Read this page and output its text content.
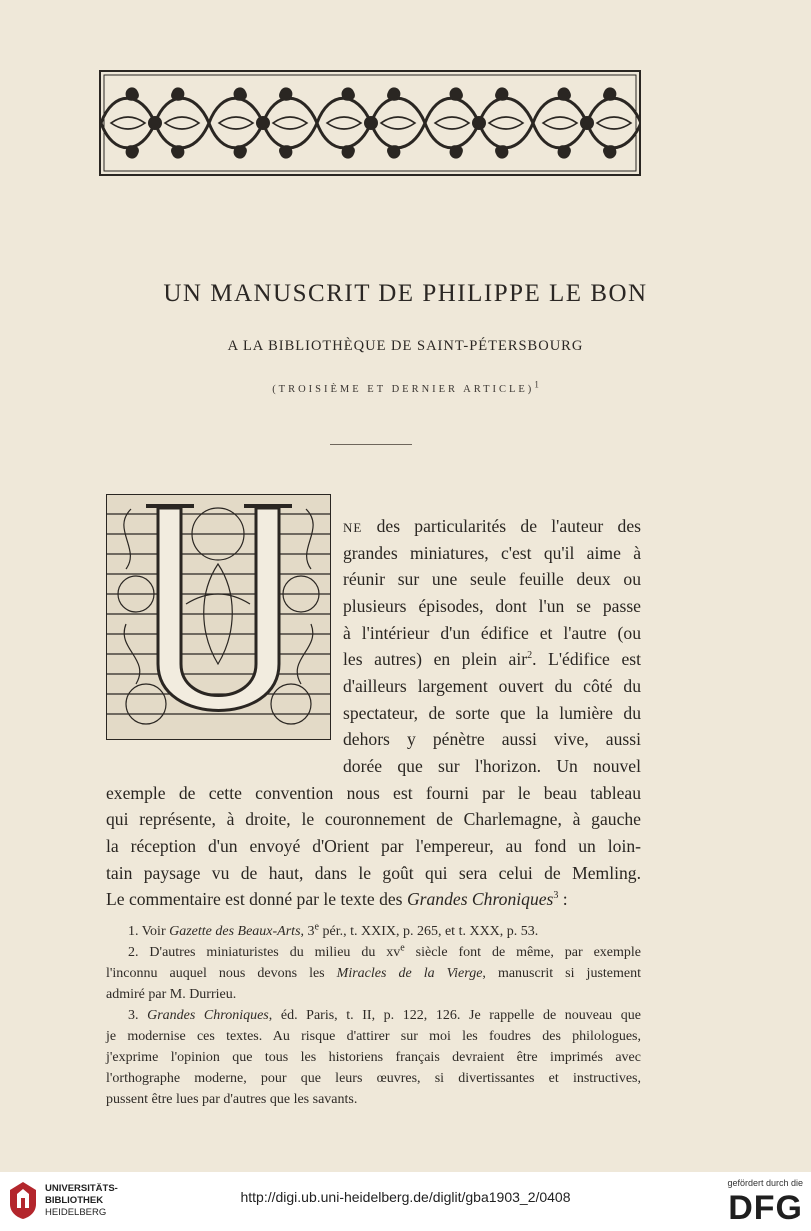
UN MANUSCRIT DE PHILIPPE LE BON
A LA BIBLIOTHÈQUE DE SAINT-PÉTERSBOURG
(TROISIÈME ET DERNIER ARTICLE)$^1$
NE des particularités de l'auteur des
grandes miniatures, c'est qu'il aime à
réunir sur une seule feuille deux ou
plusieurs épisodes, dont l'un se passe
à l'intérieur d'un édifice et l'autre (ou
les autres) en plein air$^2$. L'édifice est
d'ailleurs largement ouvert du côté du
spectateur, de sorte que la lumière du
dehors y pénètre aussi vive, aussi
dorée que sur l'horizon. Un nouvel
exemple de cette convention nous est fourni par le beau tableau
qui représente, à droite, le couronnement de Charlemagne, à gauche
la réception d'un envoyé d'Orient par l'empereur, au fond un loin-
tain paysage vu de haut, dans le goût qui sera celui de Memling.
Le commentaire est donné par le texte des Grandes Chroniques$^3$ :
1. Voir Gazette des Beaux-Arts, 3e pér., t. XXIX, p. 265, et t. XXX, p. 53.
2. D'autres miniaturistes du milieu du $xv^e$ siècle font de même, par exemple
l'inconnu auquel nous devons les Miracles de la Vierge, manuscrit si justement
admiré par M. Durrieu.
3. Grandes Chroniques, éd. Paris, t. II, p. 122, 126. Je rappelle de nouveau que
je modernise ces textes. Au risque d'attirer sur moi les foudres des philologues,
j'exprime l'opinion que tous les historiens français devraient être imprimés avec
l'orthographe moderne, pour que leurs œuvres, si divertissantes et instructives,
pussent être lues par d'autres que les savants.
UNIVERSITÄTS-
BIBLIOTHEK
HEIDELBERG
http://digi.ub.uni-heidelberg.de/diglit/gba1903_2/0408
gefördert durch die
DFG
